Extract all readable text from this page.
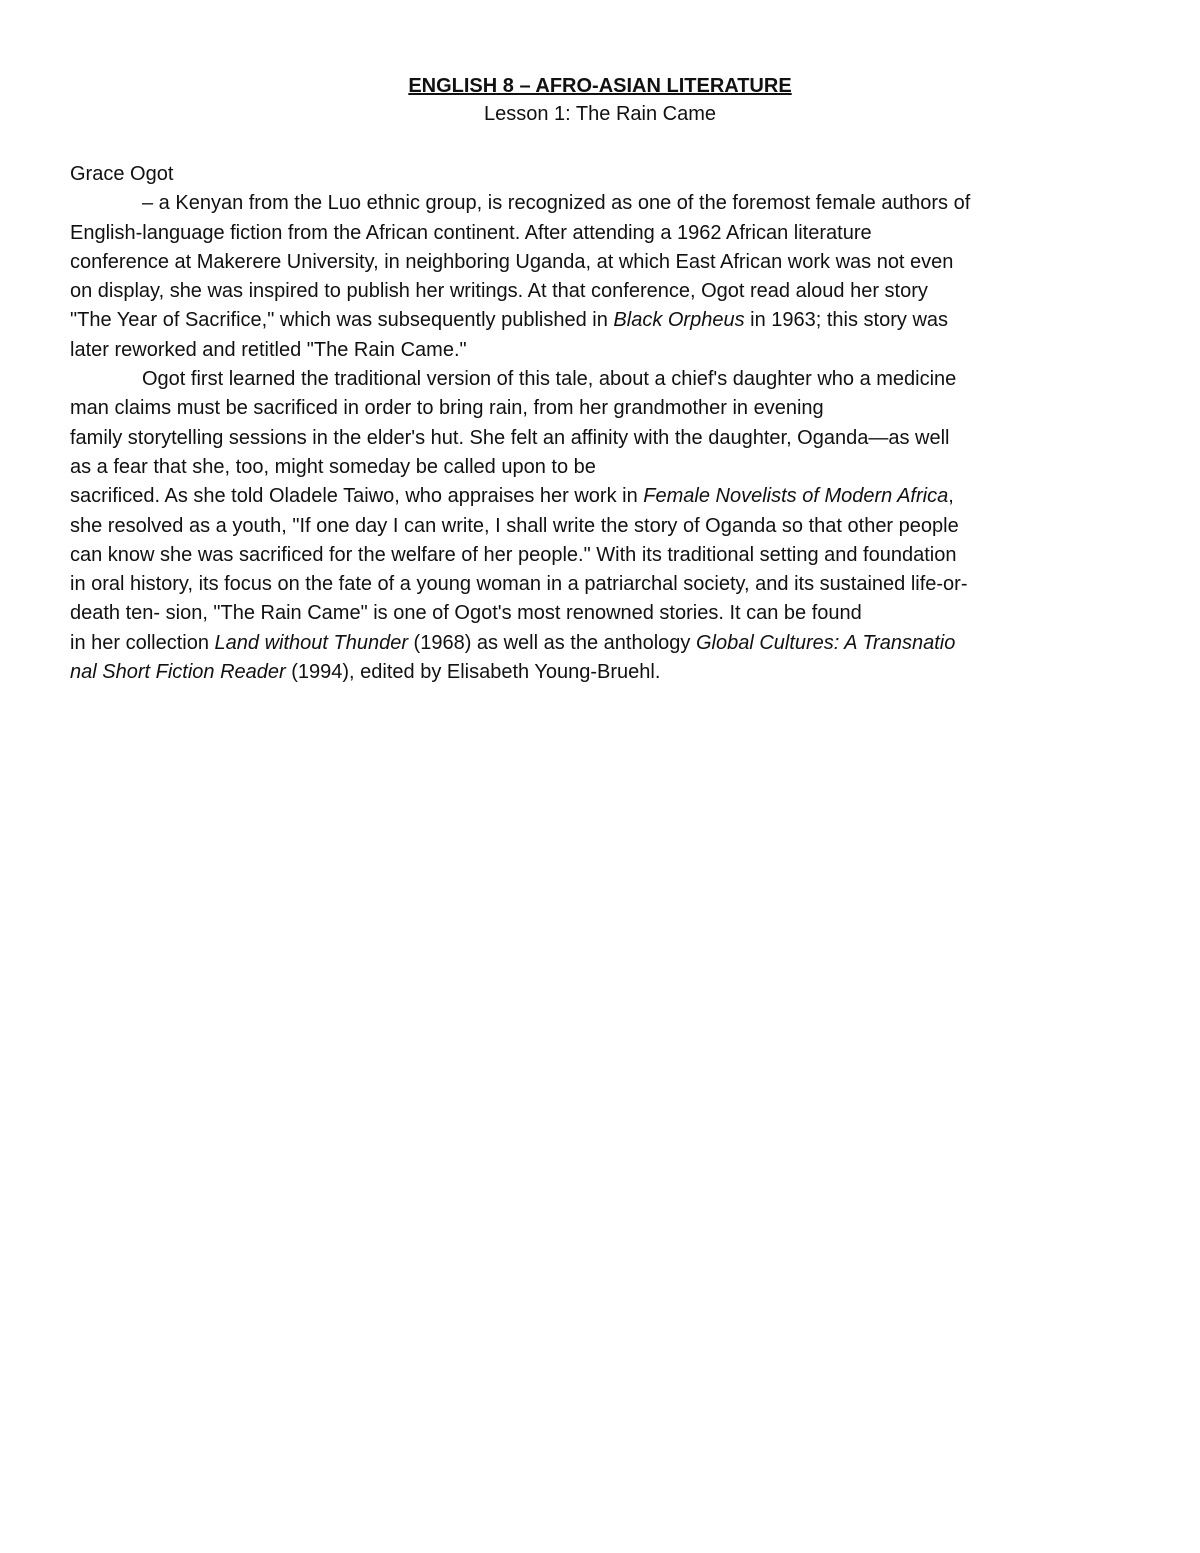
ENGLISH 8 – AFRO-ASIAN LITERATURE
Lesson 1: The Rain Came
Grace Ogot
– a Kenyan from the Luo ethnic group, is recognized as one of the foremost female authors of
English-language fiction from the African continent. After attending a 1962 African literature
conference at Makerere University, in neighboring Uganda, at which East African work was not even
on display, she was inspired to publish her writings. At that conference, Ogot read aloud her story
"The Year of Sacrifice," which was subsequently published in Black Orpheus in 1963; this story was
later reworked and retitled "The Rain Came."
Ogot first learned the traditional version of this tale, about a chief's daughter who a medicine
man claims must be sacrificed in order to bring rain, from her grandmother in evening
family storytelling sessions in the elder's hut. She felt an affinity with the daughter, Oganda—as well
as a fear that she, too, might someday be called upon to be
sacrificed. As she told Oladele Taiwo, who appraises her work in Female Novelists of Modern Africa,
she resolved as a youth, "If one day I can write, I shall write the story of Oganda so that other people
can know she was sacrificed for the welfare of her people." With its traditional setting and foundation
in oral history, its focus on the fate of a young woman in a patriarchal society, and its sustained life-or-
death ten- sion, "The Rain Came" is one of Ogot's most renowned stories. It can be found
in her collection Land without Thunder (1968) as well as the anthology Global Cultures: A Transnatio
nal Short Fiction Reader (1994), edited by Elisabeth Young-Bruehl.
